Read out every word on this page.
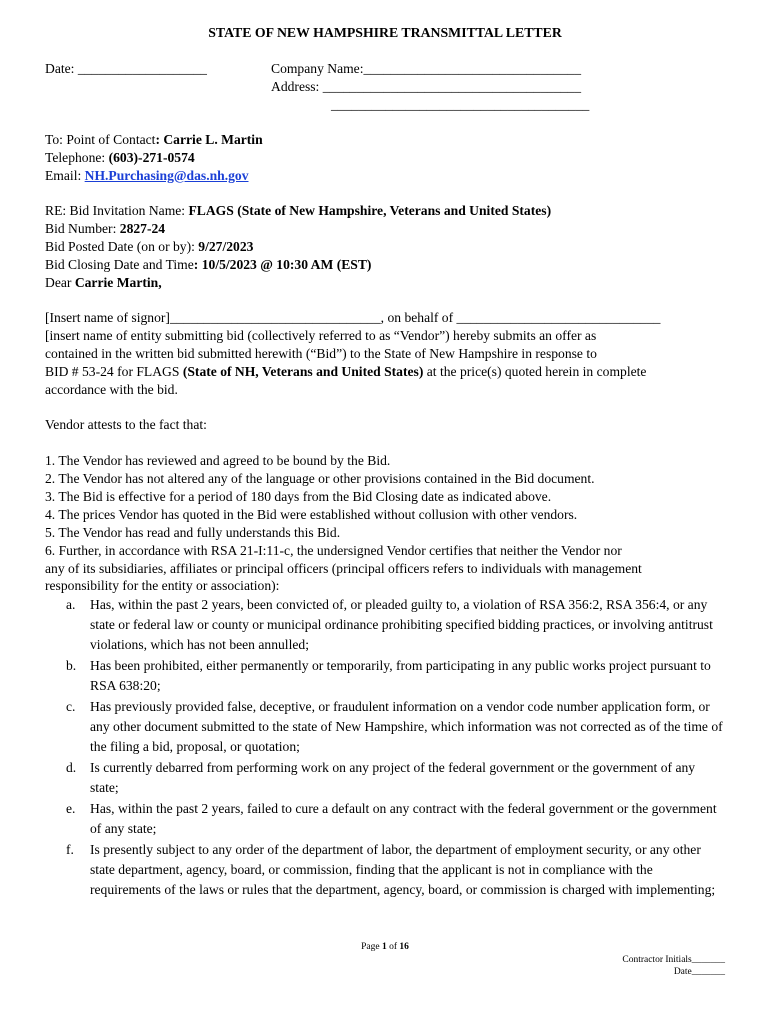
STATE OF NEW HAMPSHIRE TRANSMITTAL LETTER
Date: ___________________	Company Name:________________________________
Address: ______________________________________
______________________________________
To: Point of Contact: Carrie L. Martin
Telephone: (603)-271-0574
Email: NH.Purchasing@das.nh.gov
RE: Bid Invitation Name: FLAGS (State of New Hampshire, Veterans and United States)
Bid Number: 2827-24
Bid Posted Date (on or by): 9/27/2023
Bid Closing Date and Time: 10/5/2023 @ 10:30 AM (EST)
Dear Carrie Martin,
[Insert name of signor]_______________________________, on behalf of ______________________________
[insert name of entity submitting bid (collectively referred to as “Vendor”) hereby submits an offer as
contained in the written bid submitted herewith (“Bid”) to the State of New Hampshire in response to
BID # 53-24 for FLAGS (State of NH, Veterans and United States) at the price(s) quoted herein in complete
accordance with the bid.
Vendor attests to the fact that:
1. The Vendor has reviewed and agreed to be bound by the Bid.
2. The Vendor has not altered any of the language or other provisions contained in the Bid document.
3. The Bid is effective for a period of 180 days from the Bid Closing date as indicated above.
4. The prices Vendor has quoted in the Bid were established without collusion with other vendors.
5. The Vendor has read and fully understands this Bid.
6. Further, in accordance with RSA 21-I:11-c, the undersigned Vendor certifies that neither the Vendor nor
any of its subsidiaries, affiliates or principal officers (principal officers refers to individuals with management
responsibility for the entity or association):
a.	Has, within the past 2 years, been convicted of, or pleaded guilty to, a violation of RSA 356:2, RSA 356:4, or any state or federal law or county or municipal ordinance prohibiting specified bidding practices, or involving antitrust violations, which has not been annulled;
b.	Has been prohibited, either permanently or temporarily, from participating in any public works project pursuant to RSA 638:20;
c.	Has previously provided false, deceptive, or fraudulent information on a vendor code number application form, or any other document submitted to the state of New Hampshire, which information was not corrected as of the time of the filing a bid, proposal, or quotation;
d.	Is currently debarred from performing work on any project of the federal government or the government of any state;
e.	Has, within the past 2 years, failed to cure a default on any contract with the federal government or the government of any state;
f.	Is presently subject to any order of the department of labor, the department of employment security, or any other state department, agency, board, or commission, finding that the applicant is not in compliance with the requirements of the laws or rules that the department, agency, board, or commission is charged with implementing;
Page 1 of 16
Contractor Initials_______
Date_______
